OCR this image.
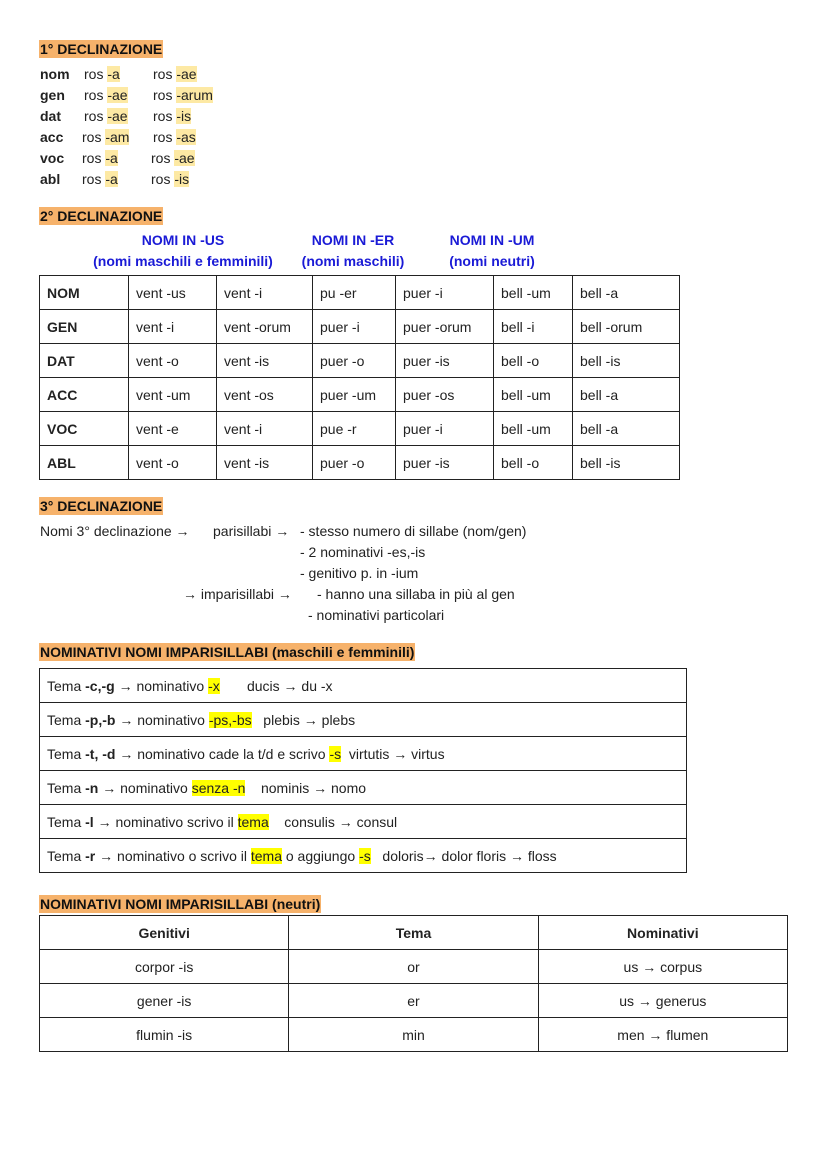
1° DECLINAZIONE
nom ros -a ros -ae
gen ros -ae ros -arum
dat ros -ae ros -is
acc ros -am ros -as
voc ros -a ros -ae
abl ros -a ros -is
2° DECLINAZIONE
NOMI IN -US
(nomi maschili e femminili)
NOMI IN -ER
(nomi maschili)
NOMI IN -UM
(nomi neutri)
NOM	vent -us	vent -i	pu -er	puer -i	bell -um	bell -a
GEN	vent -i	vent -orum	puer -i	puer -orum	bell -i	bell -orum
DAT	vent -o	vent -is	puer -o	puer -is	bell -o	bell -is
ACC	vent -um	vent -os	puer -um	puer -os	bell -um	bell -a
VOC	vent -e	vent -i	pue -r	puer -i	bell -um	bell -a
ABL	vent -o	vent -is	puer -o	puer -is	bell -o	bell -is
3° DECLINAZIONE
Nomi 3° declinazione → parisillabi → - stesso numero di sillabe (nom/gen)
- 2 nominativi -es,-is
- genitivo p. in -ium
→ imparisillabi → - hanno una sillaba in più al gen
- nominativi particolari
NOMINATIVI NOMI IMPARISILLABI (maschili e femminili)
Tema -c,-g → nominativo -x       ducis → du -x
Tema -p,-b → nominativo -ps,-bs   plebis → plebs
Tema -t, -d → nominativo cade la t/d e scrivo -s  virtutis → virtus
Tema -n → nominativo senza -n    nominis → nomo
Tema -l → nominativo scrivo il tema    consulis → consul
Tema -r → nominativo o scrivo il tema o aggiungo -s   doloris→ dolor floris → floss
NOMINATIVI NOMI IMPARISILLABI (neutri)
Genitivi	Tema	Nominativi
corpor -is	or	us → corpus
gener -is	er	us → generus
flumin -is	min	men → flumen
